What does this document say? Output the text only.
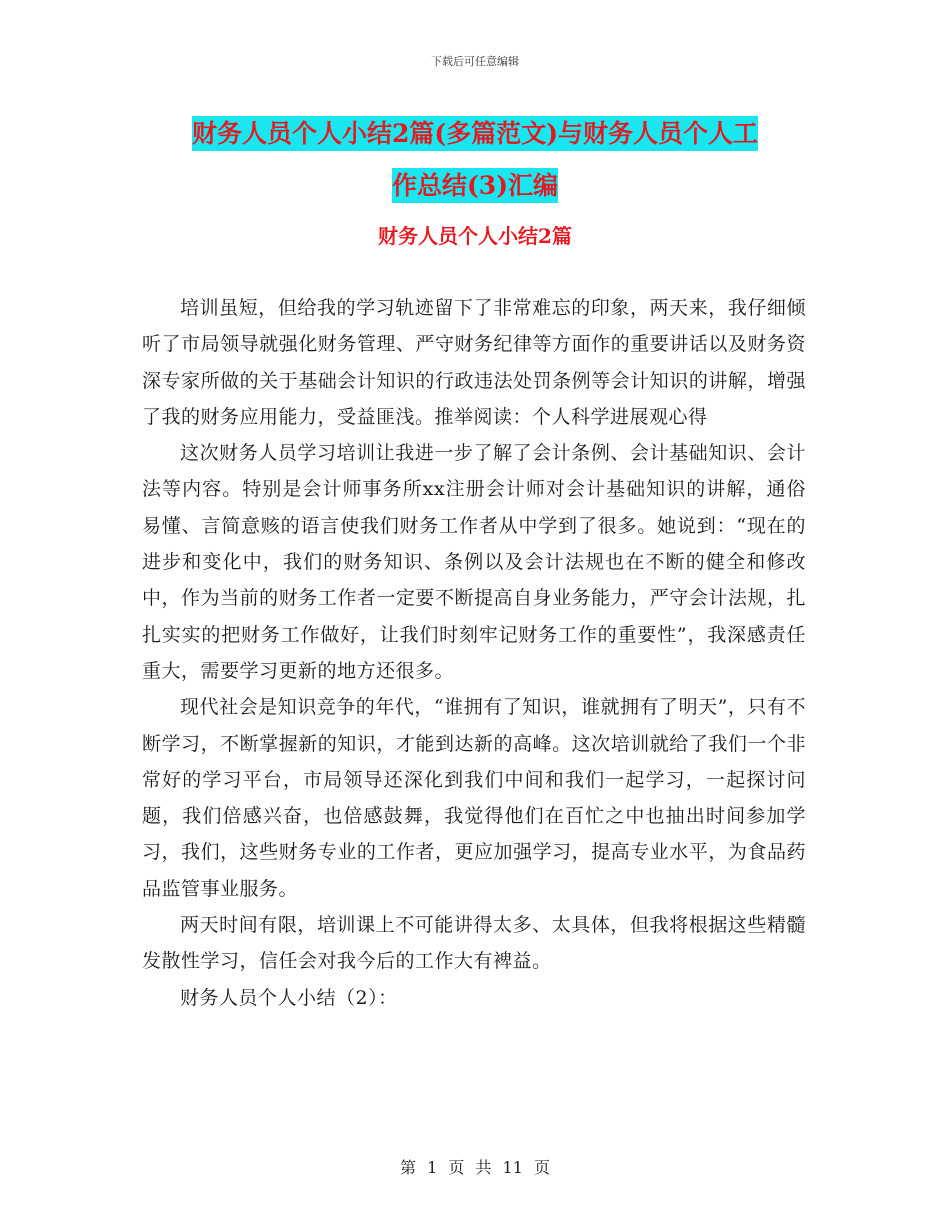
下载后可任意编辑
财务人员个人小结2篇(多篇范文)与财务人员个人工
作总结(3)汇编
财务人员个人小结2篇

培训虽短，但给我的学习轨迹留下了非常难忘的印象，两天来，我仔细倾听了市局领导就强化财务管理、严守财务纪律等方面作的重要讲话以及财务资深专家所做的关于基础会计知识的行政违法处罚条例等会计知识的讲解，增强了我的财务应用能力，受益匪浅。推举阅读：个人科学进展观心得

这次财务人员学习培训让我进一步了解了会计条例、会计基础知识、会计法等内容。特别是会计师事务所xx注册会计师对会计基础知识的讲解，通俗易懂、言简意赅的语言使我们财务工作者从中学到了很多。她说到：“现在的进步和变化中，我们的财务知识、条例以及会计法规也在不断的健全和修改中，作为当前的财务工作者一定要不断提高自身业务能力，严守会计法规，扎扎实实的把财务工作做好，让我们时刻牢记财务工作的重要性”，我深感责任重大，需要学习更新的地方还很多。

现代社会是知识竞争的年代，“谁拥有了知识，谁就拥有了明天”，只有不断学习，不断掌握新的知识，才能到达新的高峰。这次培训就给了我们一个非常好的学习平台，市局领导还深化到我们中间和我们一起学习，一起探讨问题，我们倍感兴奋，也倍感鼓舞，我觉得他们在百忙之中也抽出时间参加学习，我们，这些财务专业的工作者，更应加强学习，提高专业水平，为食品药品监管事业服务。

两天时间有限，培训课上不可能讲得太多、太具体，但我将根据这些精髓发散性学习，信任会对我今后的工作大有裨益。

财务人员个人小结（2）：

第 1 页 共 11 页
